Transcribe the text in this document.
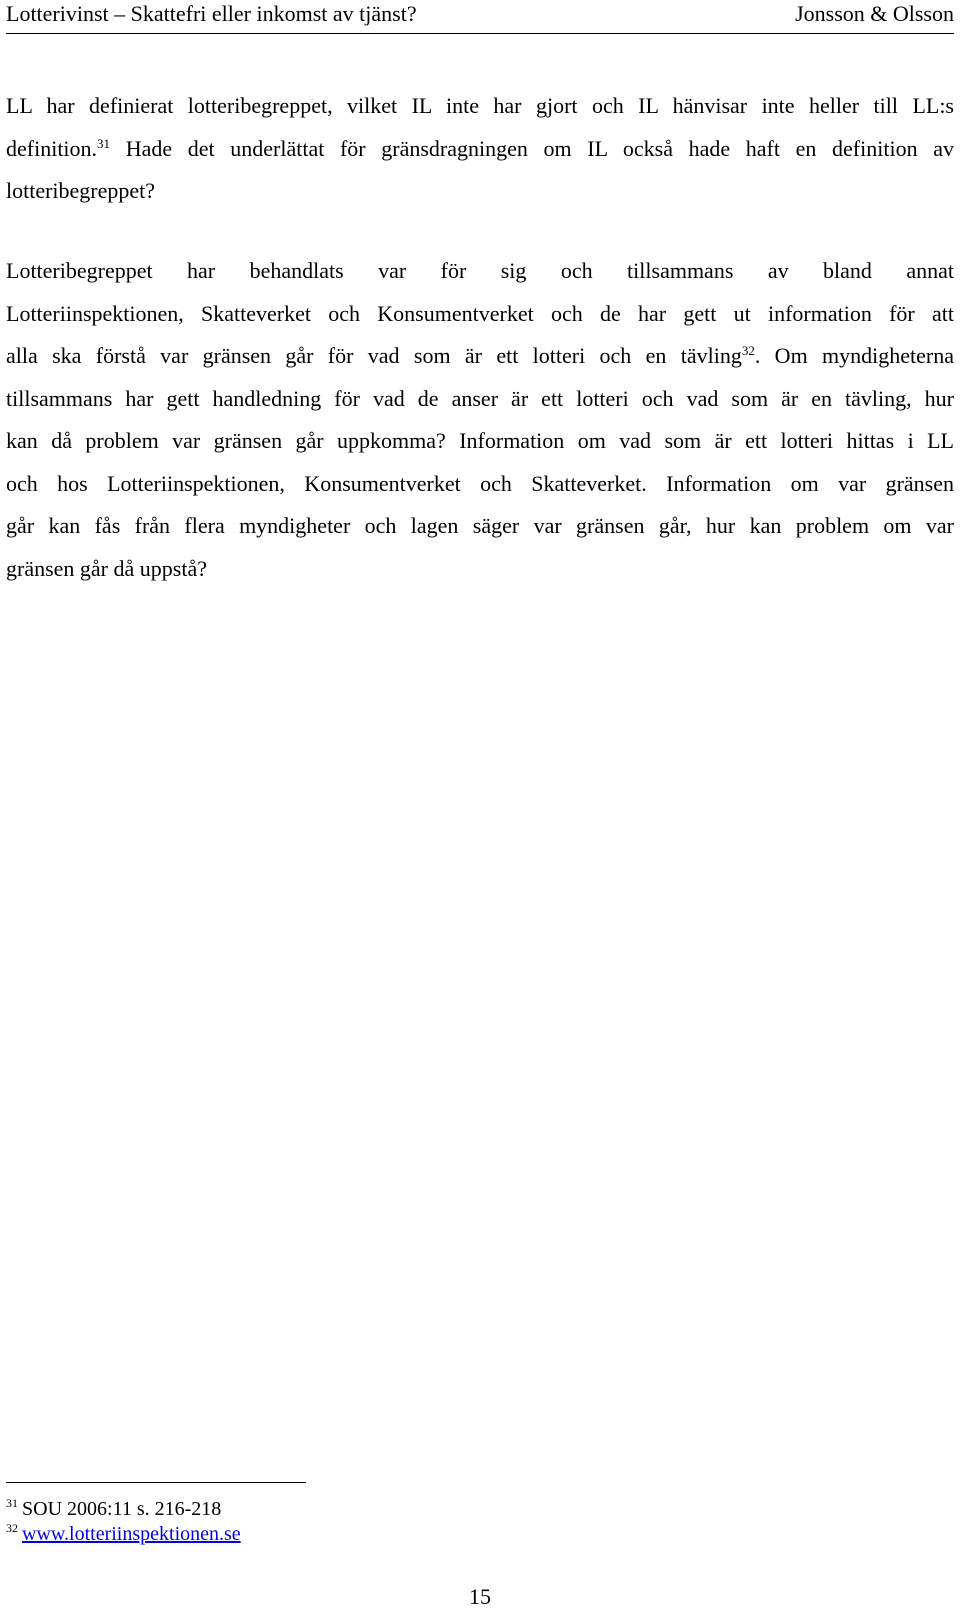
Lotterivinst – Skattefri eller inkomst av tjänst?	Jonsson & Olsson
LL har definierat lotteribegreppet, vilket IL inte har gjort och IL hänvisar inte heller till LL:s
definition.$^{31}$ Hade det underlättat för gränsdragningen om IL också hade haft en definition av
lotteribegreppet?
Lotteribegreppet har behandlats var för sig och tillsammans av bland annat
Lotteriinspektionen, Skatteverket och Konsumentverket och de har gett ut information för att
alla ska förstå var gränsen går för vad som är ett lotteri och en tävling$^{32}$. Om myndigheterna
tillsammans har gett handledning för vad de anser är ett lotteri och vad som är en tävling, hur
kan då problem var gränsen går uppkomma? Information om vad som är ett lotteri hittas i LL
och hos Lotteriinspektionen, Konsumentverket och Skatteverket. Information om var gränsen
går kan fås från flera myndigheter och lagen säger var gränsen går, hur kan problem om var
gränsen går då uppstå?
$^{31}$ SOU 2006:11 s. 216-218
$^{32}$ www.lotteriinspektionen.se
15
